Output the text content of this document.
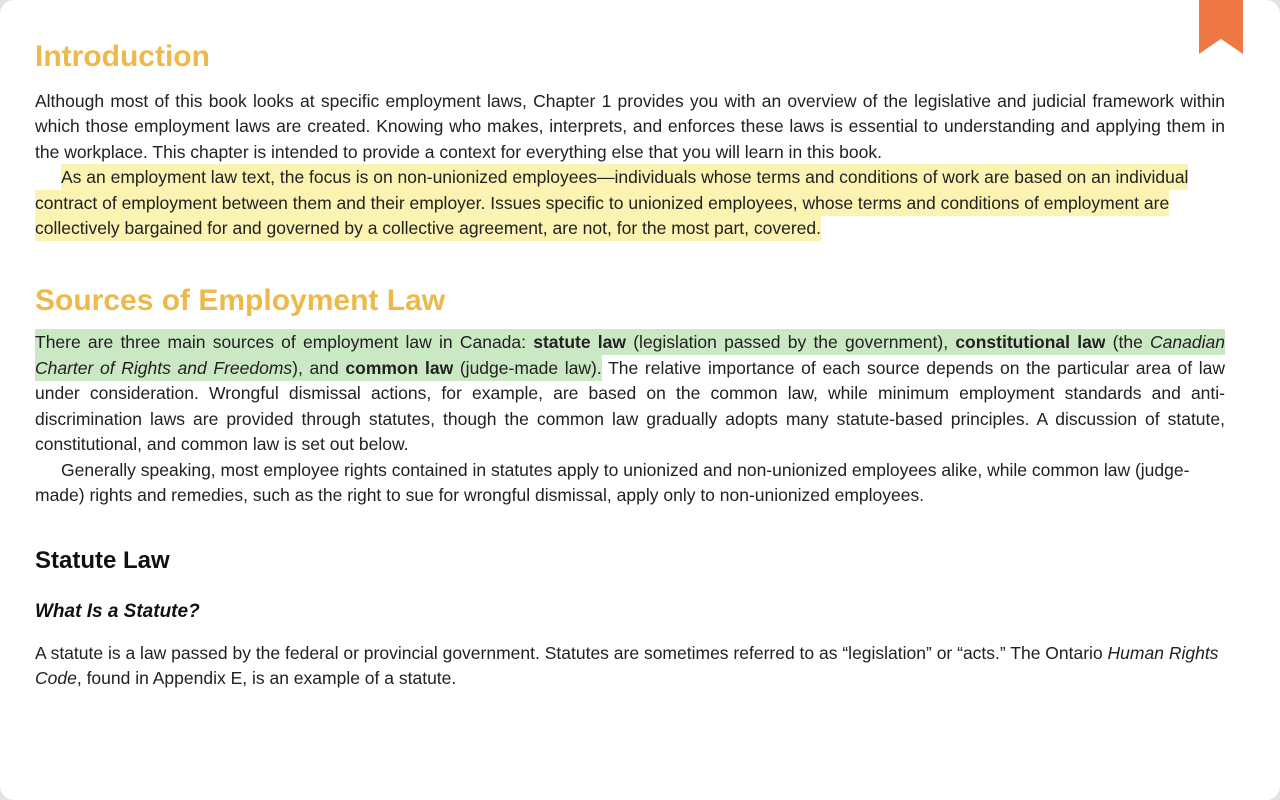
Introduction

Although most of this book looks at specific employment laws, Chapter 1 provides you with an overview of the legislative and judicial framework within which those employment laws are created. Knowing who makes, interprets, and enforces these laws is essential to understanding and applying them in the workplace. This chapter is intended to provide a context for everything else that you will learn in this book.

As an employment law text, the focus is on non-unionized employees—individuals whose terms and conditions of work are based on an individual contract of employment between them and their employer. Issues specific to unionized employees, whose terms and conditions of employment are collectively bargained for and governed by a collective agreement, are not, for the most part, covered.

Sources of Employment Law

There are three main sources of employment law in Canada: statute law (legislation passed by the government), constitutional law (the Canadian Charter of Rights and Freedoms), and common law (judge-made law). The relative importance of each source depends on the particular area of law under consideration. Wrongful dismissal actions, for example, are based on the common law, while minimum employment standards and anti-discrimination laws are provided through statutes, though the common law gradually adopts many statute-based principles. A discussion of statute, constitutional, and common law is set out below.

Generally speaking, most employee rights contained in statutes apply to unionized and non-unionized employees alike, while common law (judge-made) rights and remedies, such as the right to sue for wrongful dismissal, apply only to non-unionized employees.

Statute Law
What Is a Statute?

A statute is a law passed by the federal or provincial government. Statutes are sometimes referred to as “legislation” or “acts.” The Ontario Human Rights Code, found in Appendix E, is an example of a statute.
